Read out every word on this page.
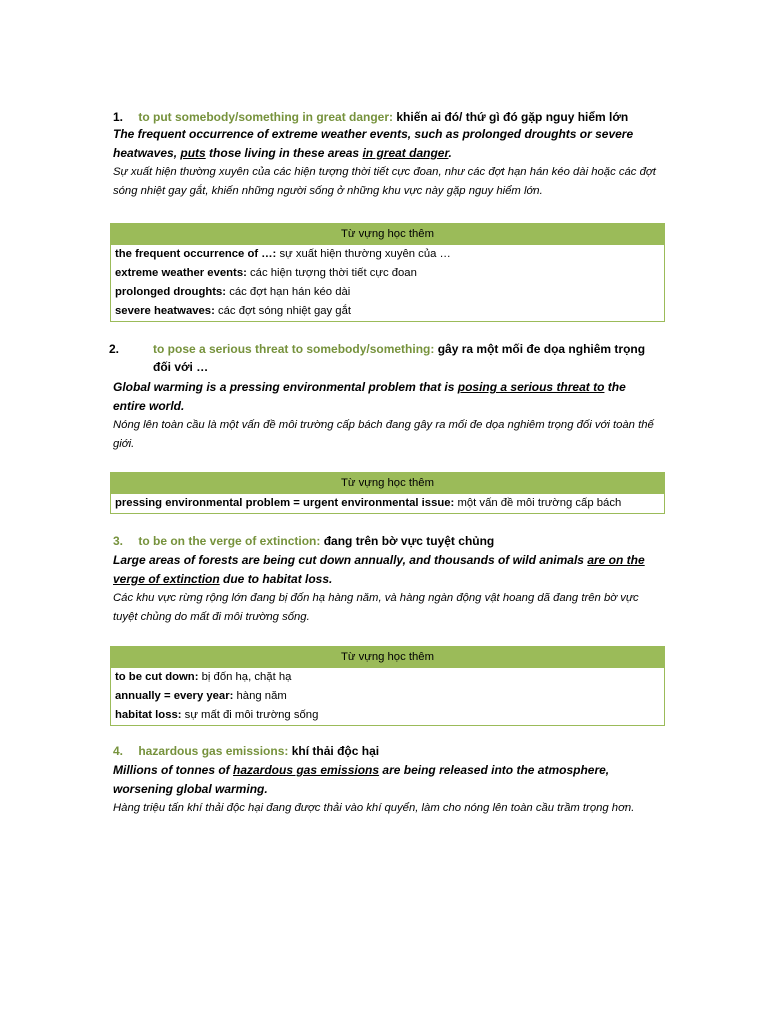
1. to put somebody/something in great danger: khiến ai đó/ thứ gì đó gặp nguy hiểm lớn

The frequent occurrence of extreme weather events, such as prolonged droughts or severe heatwaves, puts those living in these areas in great danger.

Sự xuất hiện thường xuyên của các hiện tượng thời tiết cực đoan, như các đợt hạn hán kéo dài hoặc các đợt sóng nhiệt gay gắt, khiến những người sống ở những khu vực này gặp nguy hiểm lớn.

Từ vựng học thêm
the frequent occurrence of …: sự xuất hiện thường xuyên của …
extreme weather events: các hiện tượng thời tiết cực đoan
prolonged droughts: các đợt hạn hán kéo dài
severe heatwaves: các đợt sóng nhiệt gay gắt

2.	to pose a serious threat to somebody/something: gây ra một mối đe dọa nghiêm trọng đối với …

Global warming is a pressing environmental problem that is posing a serious threat to the entire world.

Nóng lên toàn cầu là một vấn đề môi trường cấp bách đang gây ra mối đe dọa nghiêm trọng đối với toàn thế giới.

Từ vựng học thêm
pressing environmental problem = urgent environmental issue: một vấn đề môi trường cấp bách

3. to be on the verge of extinction: đang trên bờ vực tuyệt chủng

Large areas of forests are being cut down annually, and thousands of wild animals are on the verge of extinction due to habitat loss.

Các khu vực rừng rộng lớn đang bị đốn hạ hàng năm, và hàng ngàn động vật hoang dã đang trên bờ vực tuyệt chủng do mất đi môi trường sống.

Từ vựng học thêm
to be cut down: bị đốn hạ, chặt hạ
annually = every year: hàng năm
habitat loss: sự mất đi môi trường sống

4. hazardous gas emissions: khí thải độc hại

Millions of tonnes of hazardous gas emissions are being released into the atmosphere, worsening global warming.

Hàng triệu tấn khí thải độc hại đang được thải vào khí quyển, làm cho nóng lên toàn cầu trầm trọng hơn.
